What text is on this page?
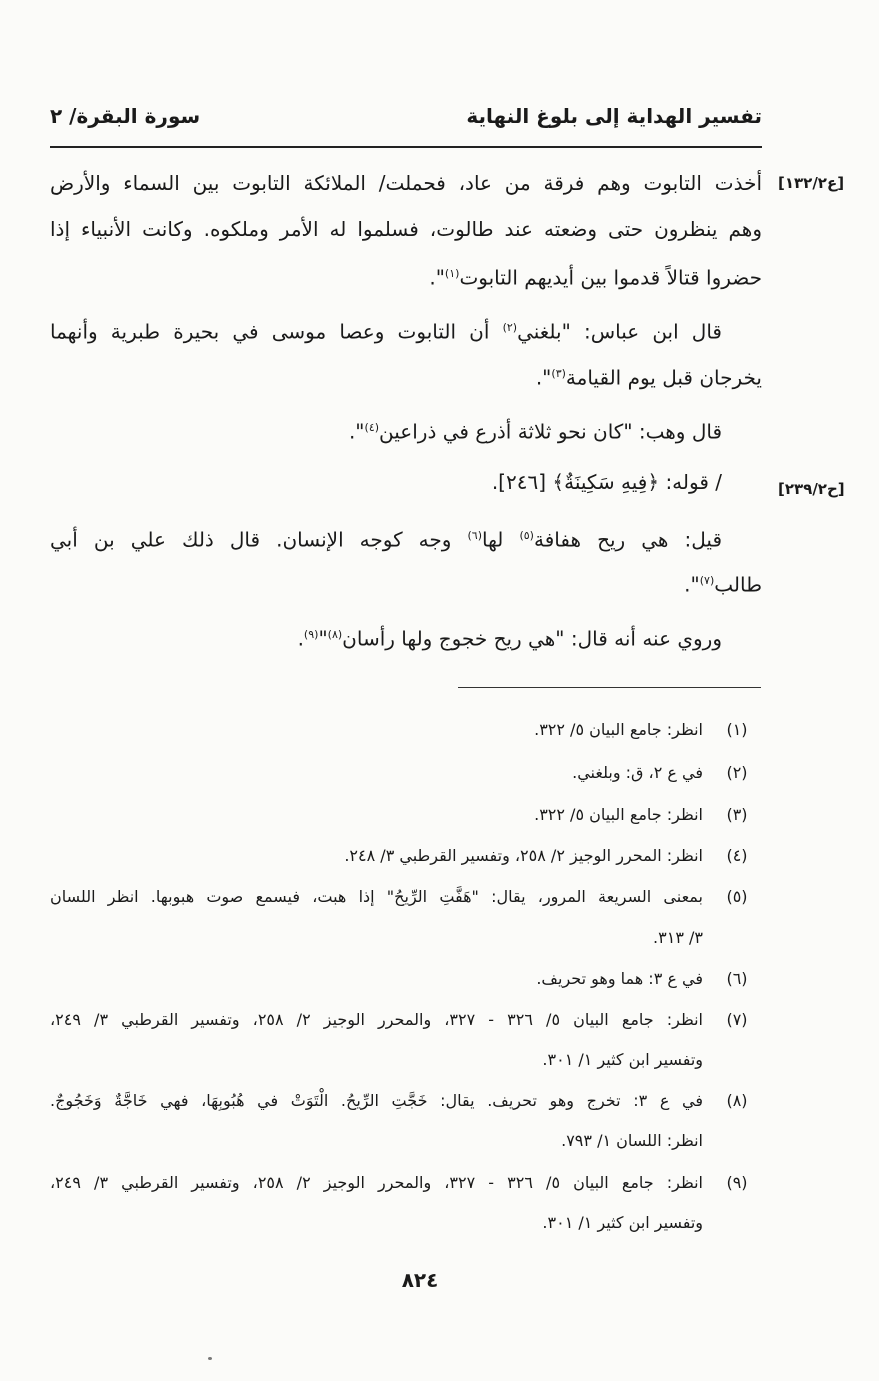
تفسير الهداية إلى بلوغ النهاية
سورة البقرة/ ٢
[ع١٣٢/٢]
[ح٢٣٩/٢]
أخذت التابوت وهم فرقة من عاد، فحملت/ الملائكة التابوت بين السماء والأرض
وهم ينظرون حتى وضعته عند طالوت، فسلموا له الأمر وملكوه. وكانت الأنبياء إذا
حضروا قتالاً قدموا بين أيديهم التابوت$^{(١)}$".
قال ابن عباس: "بلغني$^{(٢)}$ أن التابوت وعصا موسى في بحيرة طبرية وأنهما
يخرجان قبل يوم القيامة$^{(٣)}$".
قال وهب: "كان نحو ثلاثة أذرع في ذراعين$^{(٤)}$".
/ قوله: ﴿فِيهِ سَكِينَةٌ﴾ [٢٤٦].
قيل: هي ريح هفافة$^{(٥)}$ لها$^{(٦)}$ وجه كوجه الإنسان. قال ذلك علي بن أبي
طالب$^{(٧)}$".
وروي عنه أنه قال: "هي ريح خجوج ولها رأسان$^{(٨)}$"$^{(٩)}$.
(١)
انظر: جامع البيان ٥/ ٣٢٢.
(٢)
في ع ٢، ق: وبلغني.
(٣)
انظر: جامع البيان ٥/ ٣٢٢.
(٤)
انظر: المحرر الوجيز ٢/ ٢٥٨، وتفسير القرطبي ٣/ ٢٤٨.
(٥)
بمعنى السريعة المرور، يقال: "هَفَّتِ الرِّيحُ" إذا هبت، فيسمع صوت هبوبها. انظر اللسان
٣/ ٣١٣.
(٦)
في ع ٣: هما وهو تحريف.
(٧)
انظر: جامع البيان ٥/ ٣٢٦ - ٣٢٧، والمحرر الوجيز ٢/ ٢٥٨، وتفسير القرطبي ٣/ ٢٤٩،
وتفسير ابن كثير ١/ ٣٠١.
(٨)
في ع ٣: تخرج وهو تحريف. يقال: خَجَّتِ الرِّيحُ. الْتَوَتْ في هُبُوبِهَا، فهي خَاجَّةٌ وَخَجُوجٌ.
انظر: اللسان ١/ ٧٩٣.
(٩)
انظر: جامع البيان ٥/ ٣٢٦ - ٣٢٧، والمحرر الوجيز ٢/ ٢٥٨، وتفسير القرطبي ٣/ ٢٤٩،
وتفسير ابن كثير ١/ ٣٠١.
٨٢٤
